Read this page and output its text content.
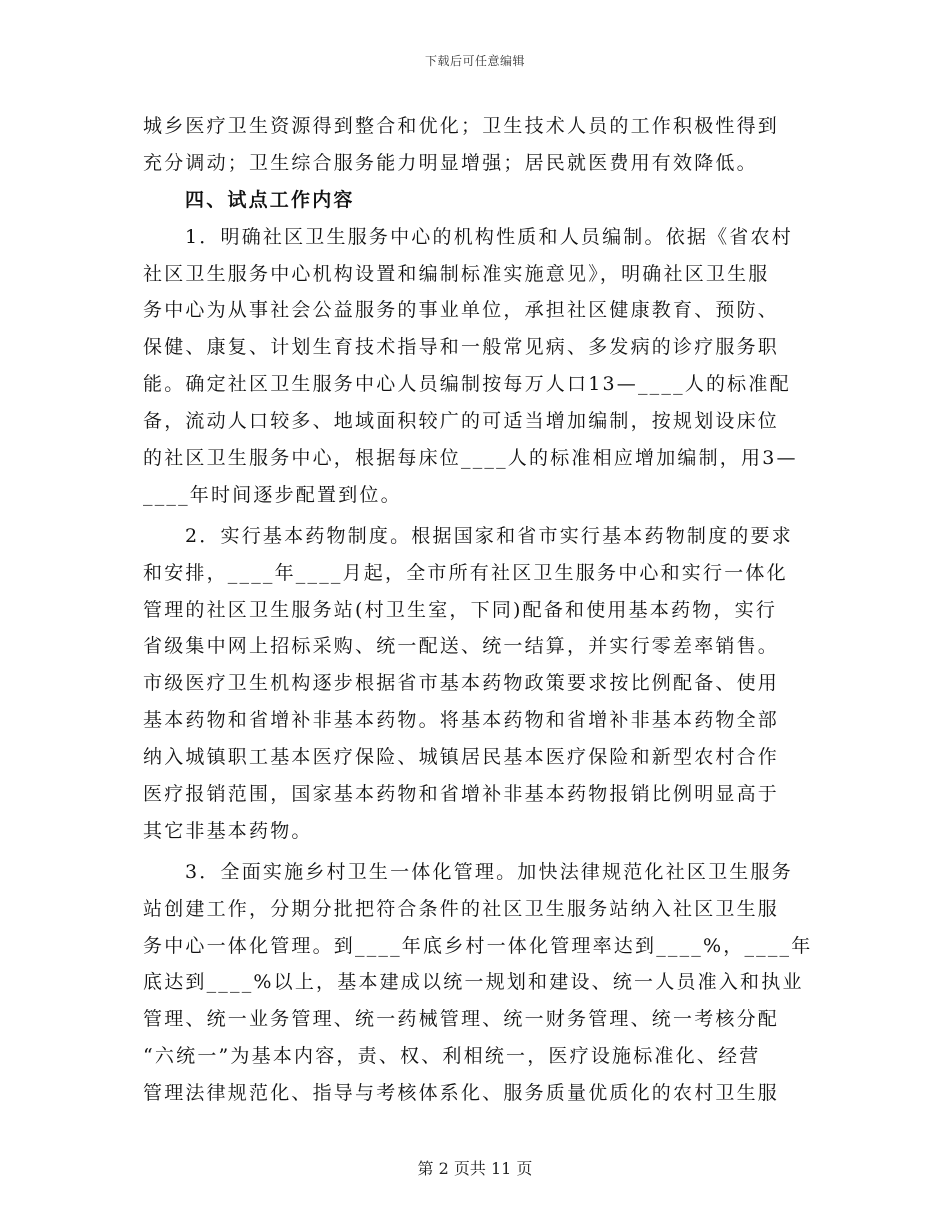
下载后可任意编辑
城乡医疗卫生资源得到整合和优化；卫生技术人员的工作积极性得到
充分调动；卫生综合服务能力明显增强；居民就医费用有效降低。
四、试点工作内容
1．明确社区卫生服务中心的机构性质和人员编制。依据《省农村
社区卫生服务中心机构设置和编制标准实施意见》，明确社区卫生服
务中心为从事社会公益服务的事业单位，承担社区健康教育、预防、
保健、康复、计划生育技术指导和一般常见病、多发病的诊疗服务职
能。确定社区卫生服务中心人员编制按每万人口13—____人的标准配
备，流动人口较多、地域面积较广的可适当增加编制，按规划设床位
的社区卫生服务中心，根据每床位____人的标准相应增加编制，用3—
____年时间逐步配置到位。
2．实行基本药物制度。根据国家和省市实行基本药物制度的要求
和安排，____年____月起，全市所有社区卫生服务中心和实行一体化
管理的社区卫生服务站(村卫生室，下同)配备和使用基本药物，实行
省级集中网上招标采购、统一配送、统一结算，并实行零差率销售。
市级医疗卫生机构逐步根据省市基本药物政策要求按比例配备、使用
基本药物和省增补非基本药物。将基本药物和省增补非基本药物全部
纳入城镇职工基本医疗保险、城镇居民基本医疗保险和新型农村合作
医疗报销范围，国家基本药物和省增补非基本药物报销比例明显高于
其它非基本药物。
3．全面实施乡村卫生一体化管理。加快法律规范化社区卫生服务
站创建工作，分期分批把符合条件的社区卫生服务站纳入社区卫生服
务中心一体化管理。到____年底乡村一体化管理率达到____%，____年
底达到____%以上，基本建成以统一规划和建设、统一人员准入和执业
管理、统一业务管理、统一药械管理、统一财务管理、统一考核分配
“六统一”为基本内容，责、权、利相统一，医疗设施标准化、经营
管理法律规范化、指导与考核体系化、服务质量优质化的农村卫生服
第 2 页共 11 页
